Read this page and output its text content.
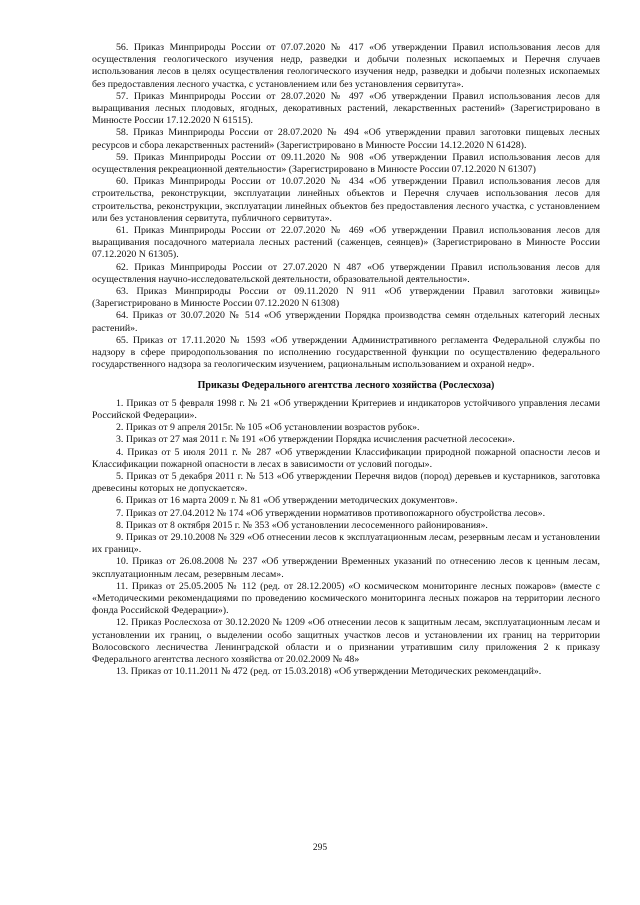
56. Приказ Минприроды России от 07.07.2020 № 417 «Об утверждении Правил использования лесов для осуществления геологического изучения недр, разведки и добычи полезных ископаемых и Перечня случаев использования лесов в целях осуществления геологического изучения недр, разведки и добычи полезных ископаемых без предоставления лесного участка, с установлением или без установления сервитута».

57. Приказ Минприроды России от 28.07.2020 № 497 «Об утверждении Правил использования лесов для выращивания лесных плодовых, ягодных, декоративных растений, лекарственных растений» (Зарегистрировано в Минюсте России 17.12.2020 N 61515).

58. Приказ Минприроды России от 28.07.2020 № 494 «Об утверждении правил заготовки пищевых лесных ресурсов и сбора лекарственных растений» (Зарегистрировано в Минюсте России 14.12.2020 N 61428).

59. Приказ Минприроды России от 09.11.2020 № 908 «Об утверждении Правил использования лесов для осуществления рекреационной деятельности» (Зарегистрировано в Минюсте России 07.12.2020 N 61307)

60. Приказ Минприроды России от 10.07.2020 № 434 «Об утверждении Правил использования лесов для строительства, реконструкции, эксплуатации линейных объектов и Перечня случаев использования лесов для строительства, реконструкции, эксплуатации линейных объектов без предоставления лесного участка, с установлением или без установления сервитута, публичного сервитута».

61. Приказ Минприроды России от 22.07.2020 № 469 «Об утверждении Правил использования лесов для выращивания посадочного материала лесных растений (саженцев, сеянцев)» (Зарегистрировано в Минюсте России 07.12.2020 N 61305).

62. Приказ Минприроды России от 27.07.2020 N 487 «Об утверждении Правил использования лесов для осуществления научно-исследовательской деятельности, образовательной деятельности».

63. Приказ Минприроды России от 09.11.2020 N 911 «Об утверждении Правил заготовки живицы» (Зарегистрировано в Минюсте России 07.12.2020 N 61308)

64. Приказ от 30.07.2020 № 514 «Об утверждении Порядка производства семян отдельных категорий лесных растений».

65. Приказ от 17.11.2020 № 1593 «Об утверждении Административного регламента Федеральной службы по надзору в сфере природопользования по исполнению государственной функции по осуществлению федерального государственного надзора за геологическим изучением, рациональным использованием и охраной недр».

Приказы Федерального агентства лесного хозяйства (Рослесхоза)

1. Приказ от 5 февраля 1998 г. № 21 «Об утверждении Критериев и индикаторов устойчивого управления лесами Российской Федерации».

2. Приказ от 9 апреля 2015г. № 105 «Об установлении возрастов рубок».

3. Приказ от 27 мая 2011 г. № 191 «Об утверждении Порядка исчисления расчетной лесосеки».

4. Приказ от 5 июля 2011 г. № 287 «Об утверждении Классификации природной пожарной опасности лесов и Классификации пожарной опасности в лесах в зависимости от условий погоды».

5. Приказ от 5 декабря 2011 г. № 513 «Об утверждении Перечня видов (пород) деревьев и кустарников, заготовка древесины которых не допускается».

6. Приказ от 16 марта 2009 г. № 81 «Об утверждении методических документов».

7. Приказ от 27.04.2012 № 174 «Об утверждении нормативов противопожарного обустройства лесов».

8. Приказ от 8 октября 2015 г. № 353 «Об установлении лесосеменного районирования».

9. Приказ от 29.10.2008 № 329 «Об отнесении лесов к эксплуатационным лесам, резервным лесам и установлении их границ».

10. Приказ от 26.08.2008 № 237 «Об утверждении Временных указаний по отнесению лесов к ценным лесам, эксплуатационным лесам, резервным лесам».

11. Приказ от 25.05.2005 № 112 (ред. от 28.12.2005) «О космическом мониторинге лесных пожаров» (вместе с «Методическими рекомендациями по проведению космического мониторинга лесных пожаров на территории лесного фонда Российской Федерации»).

12. Приказ Рослесхоза от 30.12.2020 № 1209 «Об отнесении лесов к защитным лесам, эксплуатационным лесам и установлении их границ, о выделении особо защитных участков лесов и установлении их границ на территории Волосовского лесничества Ленинградской области и о признании утратившим силу приложения 2 к приказу Федерального агентства лесного хозяйства от 20.02.2009 № 48»

13. Приказ от 10.11.2011 № 472 (ред. от 15.03.2018) «Об утверждении Методических рекомендаций».

295
